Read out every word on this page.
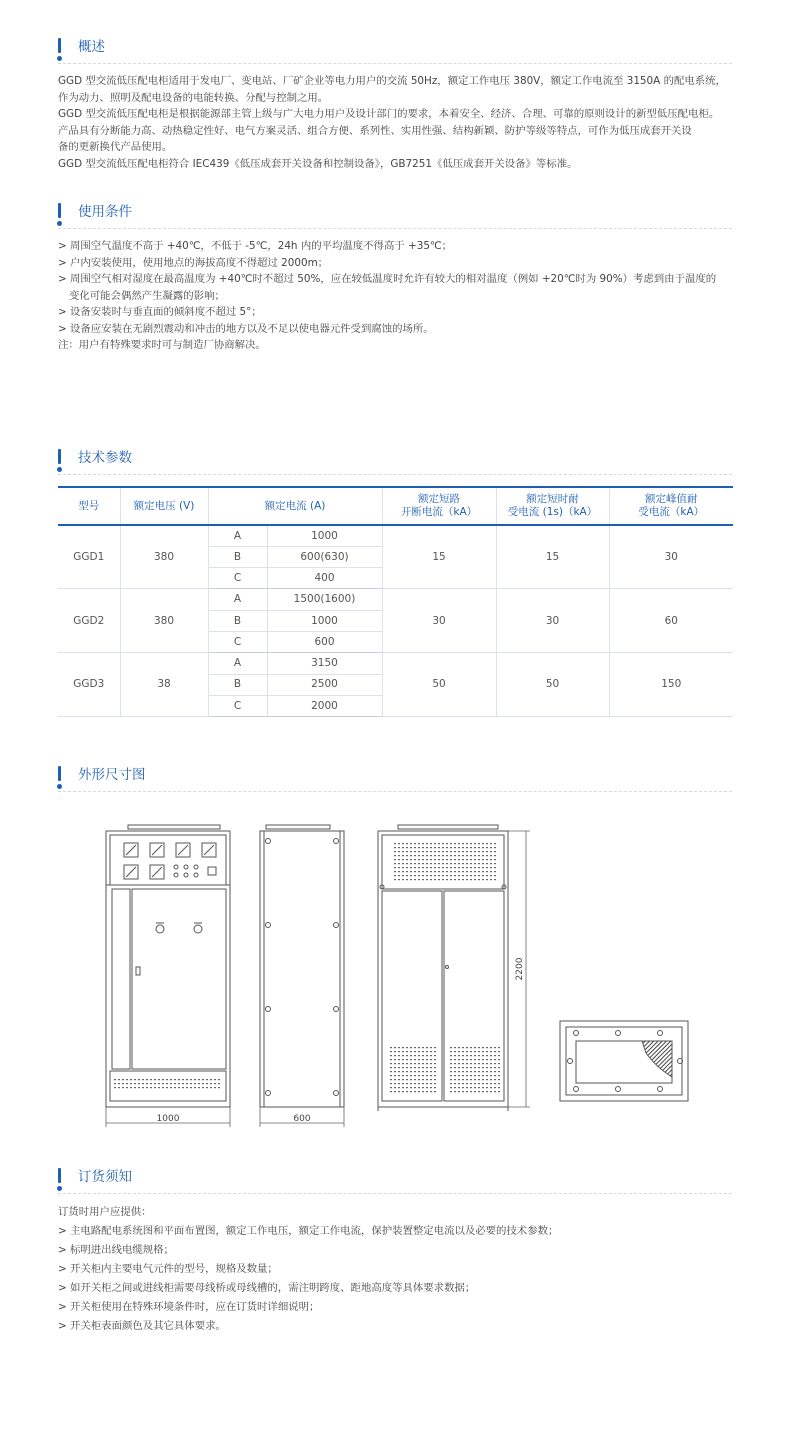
概述

GGD 型交流低压配电柜适用于发电厂、变电站、厂矿企业等电力用户的交流 50Hz，额定工作电压 380V，额定工作电流至 3150A 的配电系统，

作为动力、照明及配电设备的电能转换、分配与控制之用。

GGD 型交流低压配电柜是根据能源部主管上级与广大电力用户及设计部门的要求，本着安全、经济、合理、可靠的原则设计的新型低压配电柜。

产品具有分断能力高、动热稳定性好、电气方案灵活、组合方便、系列性、实用性强、结构新颖、防护等级等特点，可作为低压成套开关设

备的更新换代产品使用。

GGD 型交流低压配电柜符合 IEC439《低压成套开关设备和控制设备》，GB7251《低压成套开关设备》等标准。

使用条件

> 周围空气温度不高于 +40℃，不低于 -5℃，24h 内的平均温度不得高于 +35℃；

> 户内安装使用，使用地点的海拔高度不得超过 2000m；

> 周围空气相对湿度在最高温度为 +40℃时不超过 50%，应在较低温度时允许有较大的相对温度（例如 +20℃时为 90%）考虑到由于温度的

变化可能会偶然产生凝露的影响；

> 设备安装时与垂直面的倾斜度不超过 5°；

> 设备应安装在无剧烈震动和冲击的地方以及不足以使电器元件受到腐蚀的场所。

注：用户有特殊要求时可与制造厂协商解决。

技术参数
型号	额定电压 (V)	额定电流 (A)		额定短路
开断电流（kA）	额定短时耐
受电流 (1s)（kA）	额定峰值耐
受电流（kA）
GGD1	380	A	1000	15	15	30
		B	600(630)			
		C	400			
GGD2	380	A	1500(1600)	30	30	60
		B	1000			
		C	600			
GGD3	38	A	3150	50	50	150
		B	2500			
		C	2000			
外形尺寸图
1000	600
2200
订货须知

订货时用户应提供：

> 主电路配电系统图和平面布置图，额定工作电压，额定工作电流，保护装置整定电流以及必要的技术参数；

> 标明进出线电缆规格；

> 开关柜内主要电气元件的型号，规格及数量；

> 如开关柜之间或进线柜需要母线桥或母线槽的，需注明跨度、距地高度等具体要求数据；

> 开关柜使用在特殊环境条件时，应在订货时详细说明；

> 开关柜表面颜色及其它具体要求。
